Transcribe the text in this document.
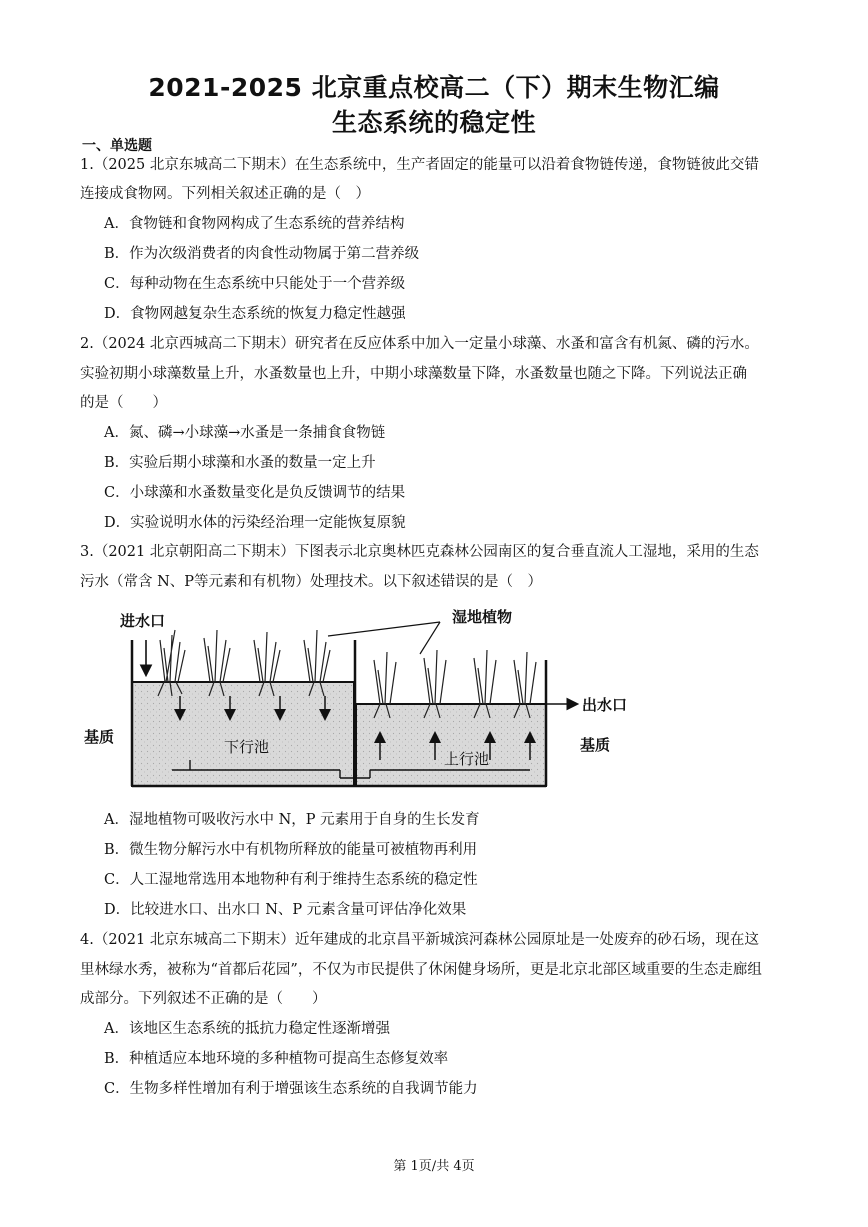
2021-2025 北京重点校高二（下）期末生物汇编
生态系统的稳定性
一、单选题
1.（2025 北京东城高二下期末）在生态系统中，生产者固定的能量可以沿着食物链传递，食物链彼此交错
连接成食物网。下列相关叙述正确的是（　）
A．食物链和食物网构成了生态系统的营养结构
B．作为次级消费者的肉食性动物属于第二营养级
C．每种动物在生态系统中只能处于一个营养级
D．食物网越复杂生态系统的恢复力稳定性越强
2.（2024 北京西城高二下期末）研究者在反应体系中加入一定量小球藻、水蚤和富含有机氮、磷的污水。
实验初期小球藻数量上升，水蚤数量也上升，中期小球藻数量下降，水蚤数量也随之下降。下列说法正确
的是（　　）
A．氮、磷→小球藻→水蚤是一条捕食食物链
B．实验后期小球藻和水蚤的数量一定上升
C．小球藻和水蚤数量变化是负反馈调节的结果
D．实验说明水体的污染经治理一定能恢复原貌
3.（2021 北京朝阳高二下期末）下图表示北京奥林匹克森林公园南区的复合垂直流人工湿地，采用的生态
污水（常含 N、P等元素和有机物）处理技术。以下叙述错误的是（　）
进水口	湿地植物
出水口
基质	基质
下行池
上行池
A．湿地植物可吸收污水中 N，P 元素用于自身的生长发育
B．微生物分解污水中有机物所释放的能量可被植物再利用
C．人工湿地常选用本地物种有利于维持生态系统的稳定性
D．比较进水口、出水口 N、P 元素含量可评估净化效果
4.（2021 北京东城高二下期末）近年建成的北京昌平新城滨河森林公园原址是一处废弃的砂石场，现在这
里林绿水秀，被称为“首都后花园”，不仅为市民提供了休闲健身场所，更是北京北部区域重要的生态走廊组
成部分。下列叙述不正确的是（　　）
A．该地区生态系统的抵抗力稳定性逐渐增强
B．种植适应本地环境的多种植物可提高生态修复效率
C．生物多样性增加有利于增强该生态系统的自我调节能力
第 1页/共 4页
